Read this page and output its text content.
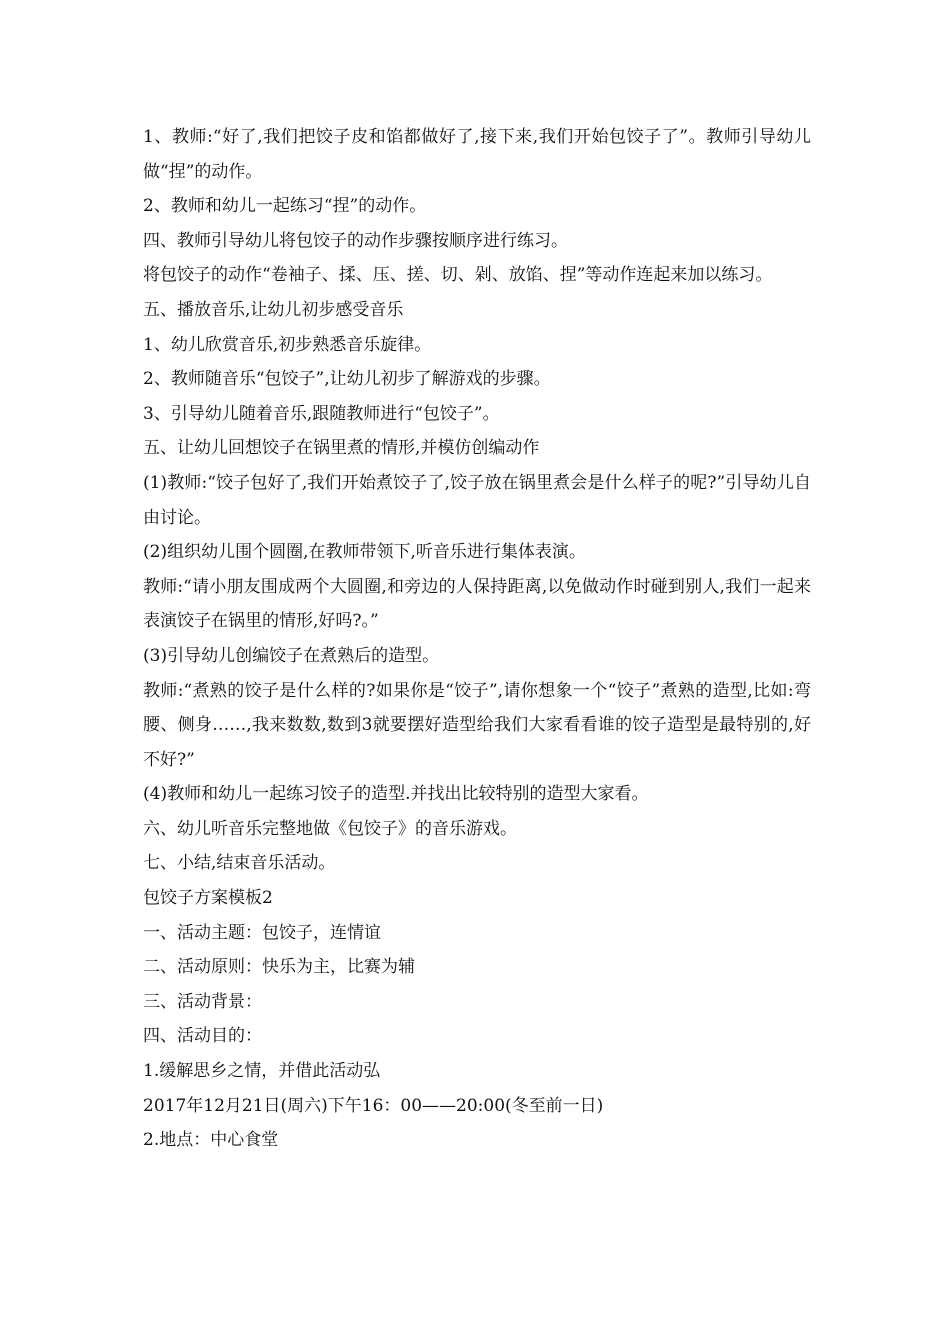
1、教师:“好了,我们把饺子皮和馅都做好了,接下来,我们开始包饺子了”。教师引导幼儿做“捏”的动作。

2、教师和幼儿一起练习“捏”的动作。

四、教师引导幼儿将包饺子的动作步骤按顺序进行练习。

将包饺子的动作“卷袖子、揉、压、搓、切、剁、放馅、捏”等动作连起来加以练习。

五、播放音乐,让幼儿初步感受音乐

1、幼儿欣赏音乐,初步熟悉音乐旋律。

2、教师随音乐“包饺子”,让幼儿初步了解游戏的步骤。

3、引导幼儿随着音乐,跟随教师进行“包饺子”。

五、让幼儿回想饺子在锅里煮的情形,并模仿创编动作

(1)教师:“饺子包好了,我们开始煮饺子了,饺子放在锅里煮会是什么样子的呢?”引导幼儿自由讨论。

(2)组织幼儿围个圆圈,在教师带领下,听音乐进行集体表演。

教师:“请小朋友围成两个大圆圈,和旁边的人保持距离,以免做动作时碰到别人,我们一起来表演饺子在锅里的情形,好吗?。”

(3)引导幼儿创编饺子在煮熟后的造型。

教师:“煮熟的饺子是什么样的?如果你是“饺子”,请你想象一个“饺子”煮熟的造型,比如:弯腰、侧身……,我来数数,数到3就要摆好造型给我们大家看看谁的饺子造型是最特别的,好不好?”

(4)教师和幼儿一起练习饺子的造型.并找出比较特别的造型大家看。

六、幼儿听音乐完整地做《包饺子》的音乐游戏。

七、小结,结束音乐活动。

包饺子方案模板2

一、活动主题：包饺子，连情谊

二、活动原则：快乐为主，比赛为辅

三、活动背景：

四、活动目的：

1.缓解思乡之情，并借此活动弘

2017年12月21日(周六)下午16：00——20:00(冬至前一日)

2.地点：中心食堂
